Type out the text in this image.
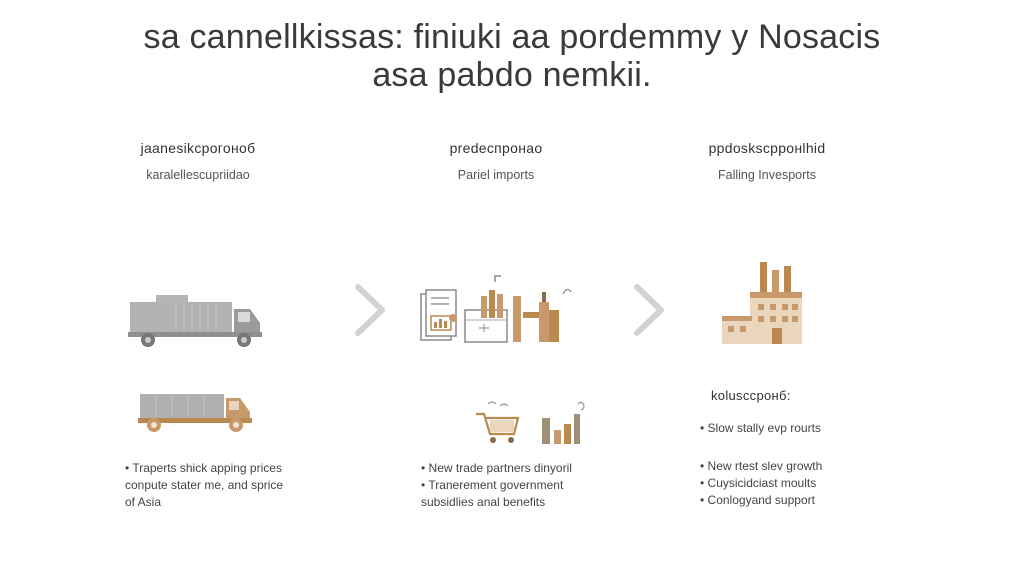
sa cannellkissas: finiuki aa pordemmy y Nosacis
asa pabdo nemkii.
jaanesikcpoгоноб
karalellescupriidao
predecпpoнao
Pariel imports
ppdoskscppoнlhid
Falling Invesports
• Traperts shick apping prices
conpute stater me, and sprice
of Asia
• New trade partners dinyoril
• Tranerement government
subsidlies anal benefits
kolusccpoнб:
• Slow stally evp rourts
• New rtest slev growth
• Cuysicidciast moults
• Conlogyand support
